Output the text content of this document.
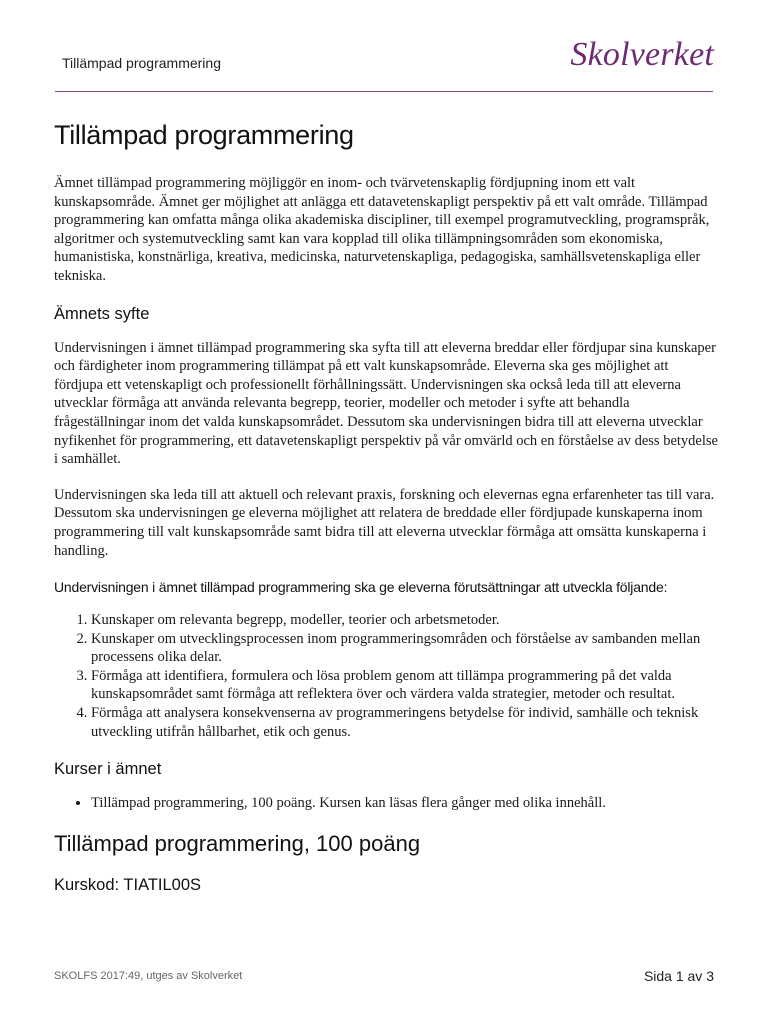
Tillämpad programmering	Skolverket
Tillämpad programmering

Ämnet tillämpad programmering möjliggör en inom- och tvärvetenskaplig fördjupning inom ett valt kunskapsområde. Ämnet ger möjlighet att anlägga ett datavetenskapligt perspektiv på ett valt område. Tillämpad programmering kan omfatta många olika akademiska discipliner, till exempel programutveckling, programspråk, algoritmer och systemutveckling samt kan vara kopplad till olika tillämpningsområden som ekonomiska, humanistiska, konstnärliga, kreativa, medicinska, naturvetenskapliga, pedagogiska, samhällsvetenskapliga eller tekniska.

Ämnets syfte

Undervisningen i ämnet tillämpad programmering ska syfta till att eleverna breddar eller fördjupar sina kunskaper och färdigheter inom programmering tillämpat på ett valt kunskapsområde. Eleverna ska ges möjlighet att fördjupa ett vetenskapligt och professionellt förhållningssätt. Undervisningen ska också leda till att eleverna utvecklar förmåga att använda relevanta begrepp, teorier, modeller och metoder i syfte att behandla frågeställningar inom det valda kunskapsområdet. Dessutom ska undervisningen bidra till att eleverna utvecklar nyfikenhet för programmering, ett datavetenskapligt perspektiv på vår omvärld och en förståelse av dess betydelse i samhället.

Undervisningen ska leda till att aktuell och relevant praxis, forskning och elevernas egna erfarenheter tas till vara. Dessutom ska undervisningen ge eleverna möjlighet att relatera de breddade eller fördjupade kunskaperna inom programmering till valt kunskapsområde samt bidra till att eleverna utvecklar förmåga att omsätta kunskaperna i handling.

Undervisningen i ämnet tillämpad programmering ska ge eleverna förutsättningar att utveckla följande:
1. Kunskaper om relevanta begrepp, modeller, teorier och arbetsmetoder.
2. Kunskaper om utvecklingsprocessen inom programmeringsområden och förståelse av sambanden mellan processens olika delar.
3. Förmåga att identifiera, formulera och lösa problem genom att tillämpa programmering på det valda kunskapsområdet samt förmåga att reflektera över och värdera valda strategier, metoder och resultat.
4. Förmåga att analysera konsekvenserna av programmeringens betydelse för individ, samhälle och teknisk utveckling utifrån hållbarhet, etik och genus.
Kurser i ämnet
• Tillämpad programmering, 100 poäng. Kursen kan läsas flera gånger med olika innehåll.
Tillämpad programmering, 100 poäng
Kurskod: TIATIL00S
SKOLFS 2017:49, utges av Skolverket	Sida 1 av 3
